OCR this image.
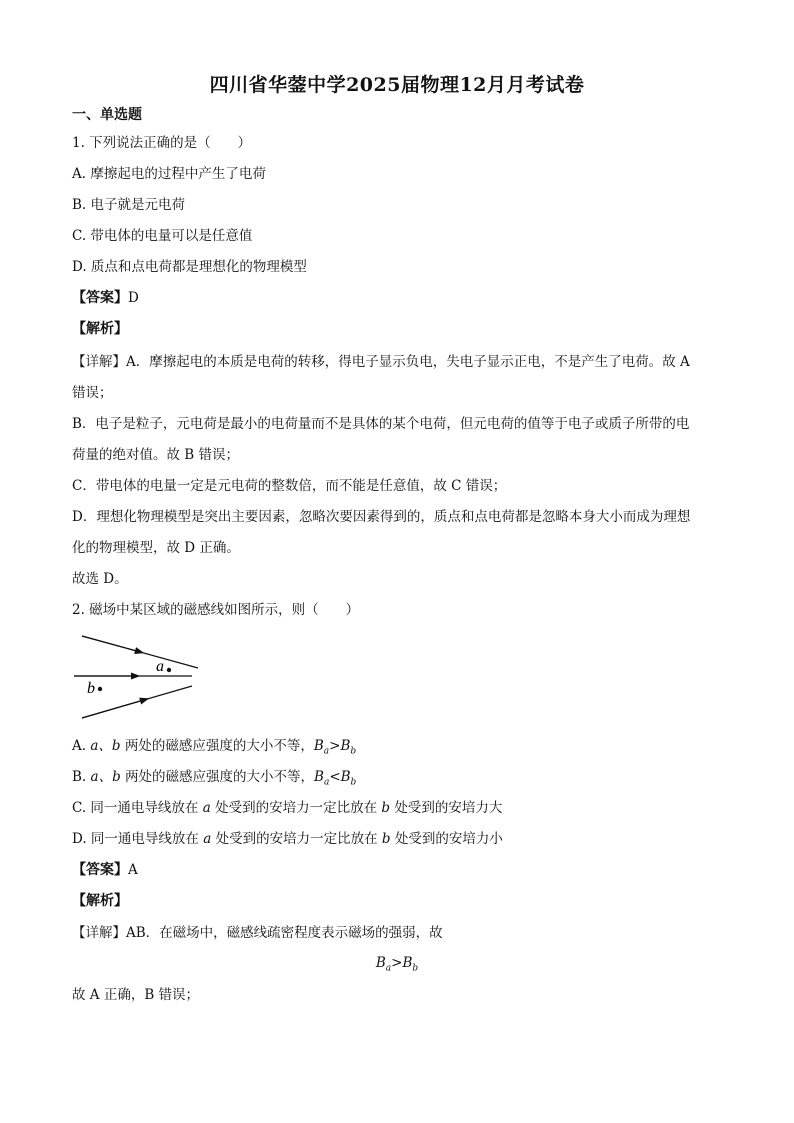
四川省华蓥中学2025届物理12月月考试卷
一、单选题
1. 下列说法正确的是（　　）
A. 摩擦起电的过程中产生了电荷
B. 电子就是元电荷
C. 带电体的电量可以是任意值
D. 质点和点电荷都是理想化的物理模型
【答案】D
【解析】
【详解】A．摩擦起电的本质是电荷的转移，得电子显示负电，失电子显示正电，不是产生了电荷。故 A
错误；
B．电子是粒子，元电荷是最小的电荷量而不是具体的某个电荷，但元电荷的值等于电子或质子所带的电
荷量的绝对值。故 B 错误；
C．带电体的电量一定是元电荷的整数倍，而不能是任意值，故 C 错误；
D．理想化物理模型是突出主要因素，忽略次要因素得到的，质点和点电荷都是忽略本身大小而成为理想
化的物理模型，故 D 正确。
故选 D。
2. 磁场中某区域的磁感线如图所示，则（　　）
a
b
A. a、b 两处的磁感应强度的大小不等，$B_a>B_b$
B. a、b 两处的磁感应强度的大小不等，$B_a<B_b$
C. 同一通电导线放在 a 处受到的安培力一定比放在 b 处受到的安培力大
D. 同一通电导线放在 a 处受到的安培力一定比放在 b 处受到的安培力小
【答案】A
【解析】
【详解】AB．在磁场中，磁感线疏密程度表示磁场的强弱，故
$B_a>B_b$
故 A 正确，B 错误；
